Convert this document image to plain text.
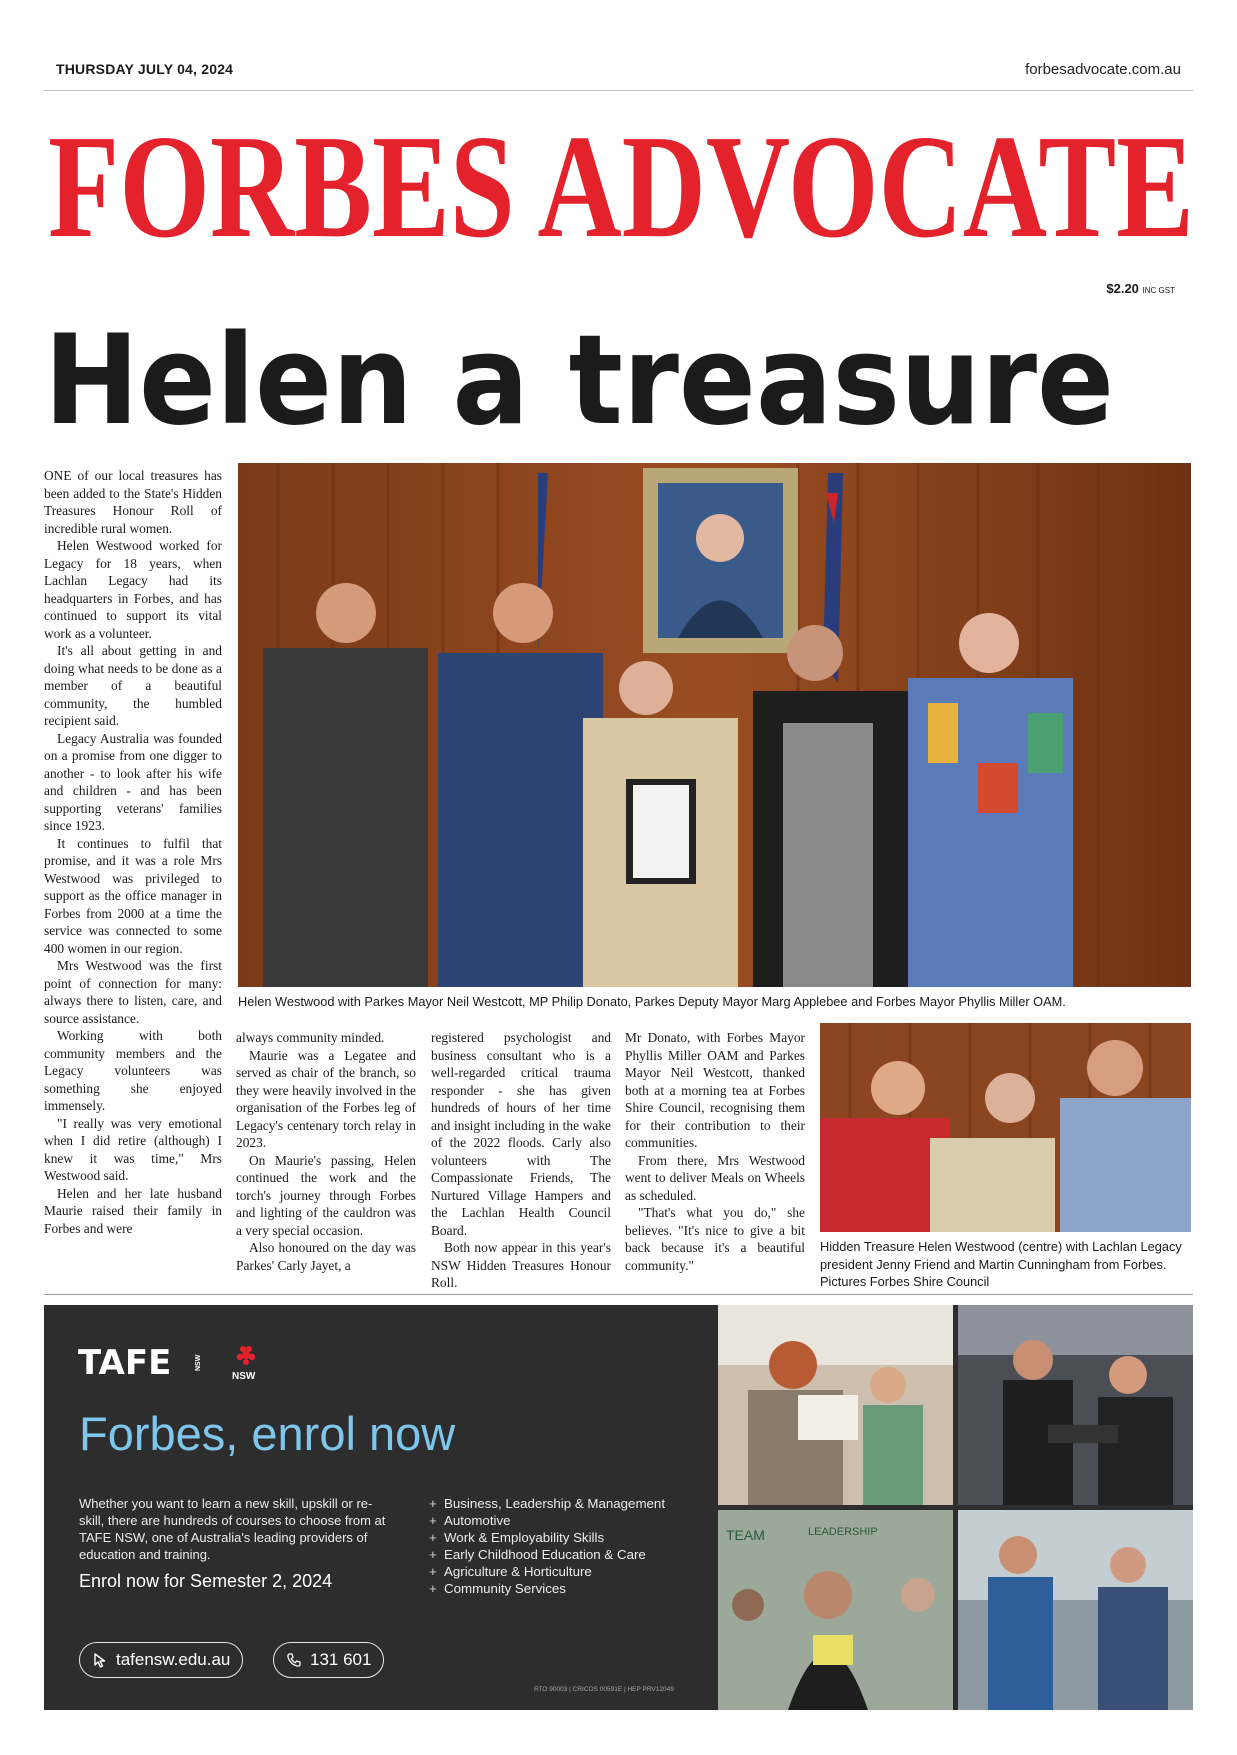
THURSDAY JULY 04, 2024	forbesadvocate.com.au
FORBES ADVOCATE
$2.20 INC GST
Helen a treasure

ONE of our local treasures has been added to the State's Hidden Treasures Honour Roll of incredible rural women.

Helen Westwood worked for Legacy for 18 years, when Lachlan Legacy had its headquarters in Forbes, and has continued to support its vital work as a volunteer.

It's all about getting in and doing what needs to be done as a member of a beautiful community, the humbled recipient said.

Legacy Australia was founded on a promise from one digger to another - to look after his wife and children - and has been supporting veterans' families since 1923.

It continues to fulfil that promise, and it was a role Mrs Westwood was privileged to support as the office manager in Forbes from 2000 at a time the service was connected to some 400 women in our region.

Mrs Westwood was the first point of connection for many: always there to listen, care, and source assistance.

Working with both community members and the Legacy volunteers was something she enjoyed immensely.

"I really was very emotional when I did retire (although) I knew it was time," Mrs Westwood said.

Helen and her late husband Maurie raised their family in Forbes and were

Helen Westwood with Parkes Mayor Neil Westcott, MP Philip Donato, Parkes Deputy Mayor Marg Applebee and Forbes Mayor Phyllis Miller OAM.

always community minded.

Maurie was a Legatee and served as chair of the branch, so they were heavily involved in the organisation of the Forbes leg of Legacy's centenary torch relay in 2023.

On Maurie's passing, Helen continued the work and the torch's journey through Forbes and lighting of the cauldron was a very special occasion.

Also honoured on the day was Parkes' Carly Jayet, a

registered psychologist and business consultant who is a well-regarded critical trauma responder - she has given hundreds of hours of her time and insight including in the wake of the 2022 floods. Carly also volunteers with The Compassionate Friends, The Nurtured Village Hampers and the Lachlan Health Council Board.

Both now appear in this year's NSW Hidden Treasures Honour Roll.

Mr Donato, with Forbes Mayor Phyllis Miller OAM and Parkes Mayor Neil Westcott, thanked both at a morning tea at Forbes Shire Council, recognising them for their contribution to their communities.

From there, Mrs Westwood went to deliver Meals on Wheels as scheduled.

"That's what you do," she believes. "It's nice to give a bit back because it's a beautiful community."

Hidden Treasure Helen Westwood (centre) with Lachlan Legacy president Jenny Friend and Martin Cunningham from Forbes. Pictures Forbes Shire Council
TAFE	NSW
NSW
Forbes, enrol now
Whether you want to learn a new skill, upskill or re-skill, there are hundreds of courses to choose from at TAFE NSW, one of Australia's leading providers of education and training.
+ Business, Leadership & Management
+ Automotive
+ Work & Employability Skills
+ Early Childhood Education & Care
+ Agriculture & Horticulture
+ Community Services
Enrol now for Semester 2, 2024
tafensw.edu.au	131 601
RTO 90003 | CRICOS 00591E | HEP PRV12049
TEAM	LEADERSHIP
